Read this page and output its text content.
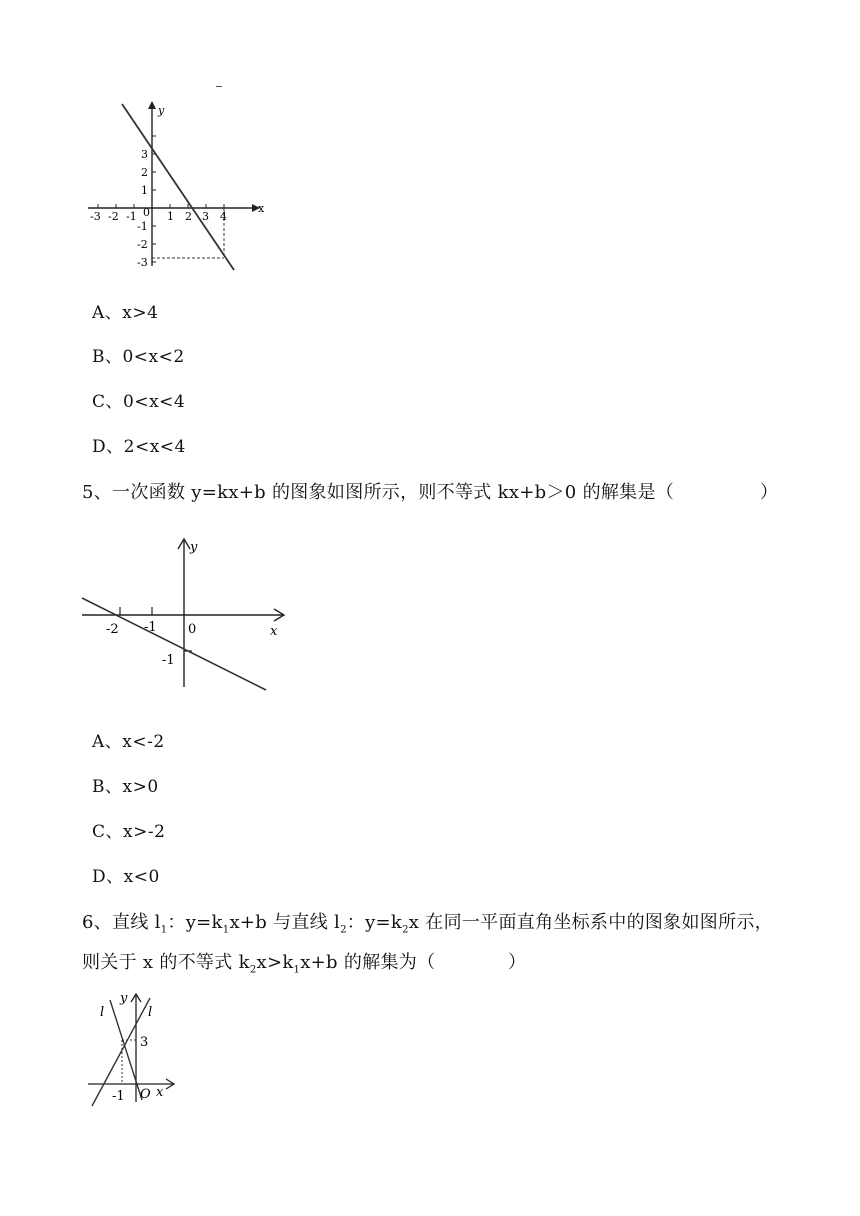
y
x
-3 -2 -1 0 1 2 3 4
3
2
1
-1
-2
-3
A、x>4
B、0<x<2
C、0<x<4
D、2<x<4
5、一次函数 y=kx+b 的图象如图所示，则不等式 kx+b＞0 的解集是（	）
y
x
-2 -1 0
-1
A、x<-2
B、x>0
C、x>-2
D、x<0
6、直线 $l_1$：$y=k_1x+b$ 与直线 $l_2$：$y=k_2x$ 在同一平面直角坐标系中的图象如图所示，
则关于 x 的不等式 $k_2x>k_1x+b$ 的解集为（	）
y
l	l
3
-1 O x
